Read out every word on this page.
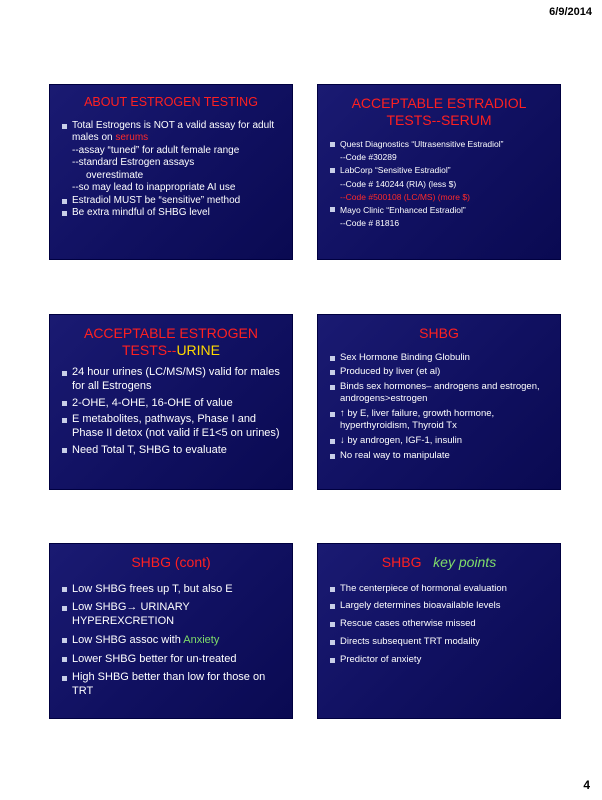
6/9/2014
ABOUT ESTROGEN TESTING
Total Estrogens is NOT a valid assay for adult males on serums
--assay “tuned” for adult female range
--standard Estrogen assays
overestimate
--so may lead to inappropriate AI use
Estradiol MUST be “sensitive” method
Be extra mindful of SHBG level
ACCEPTABLE ESTRADIOL TESTS--SERUM
Quest Diagnostics “Ultrasensitive Estradiol”
--Code #30289
LabCorp “Sensitive Estradiol”
--Code # 140244 (RIA) (less $)
--Code #500108 (LC/MS) (more $)
Mayo Clinic “Enhanced Estradiol”
--Code # 81816
ACCEPTABLE ESTROGEN TESTS--URINE
24 hour urines (LC/MS/MS) valid for males for all Estrogens
2-OHE, 4-OHE, 16-OHE of value
E metabolites, pathways, Phase I and Phase II detox (not valid if E1<5 on urines)
Need Total T, SHBG to evaluate
SHBG
Sex Hormone Binding Globulin
Produced by liver (et al)
Binds sex hormones– androgens and estrogen, androgens>estrogen
↑ by E, liver failure, growth hormone, hyperthyroidism, Thyroid Tx
↓ by androgen, IGF-1, insulin
No real way to manipulate
SHBG (cont)
Low SHBG frees up T, but also E
Low SHBG→ URINARY HYPEREXCRETION
Low SHBG assoc with Anxiety
Lower SHBG better for un-treated
High SHBG better than low for those on TRT
SHBG key points
The centerpiece of hormonal evaluation
Largely determines bioavailable levels
Rescue cases otherwise missed
Directs subsequent TRT modality
Predictor of anxiety
4
